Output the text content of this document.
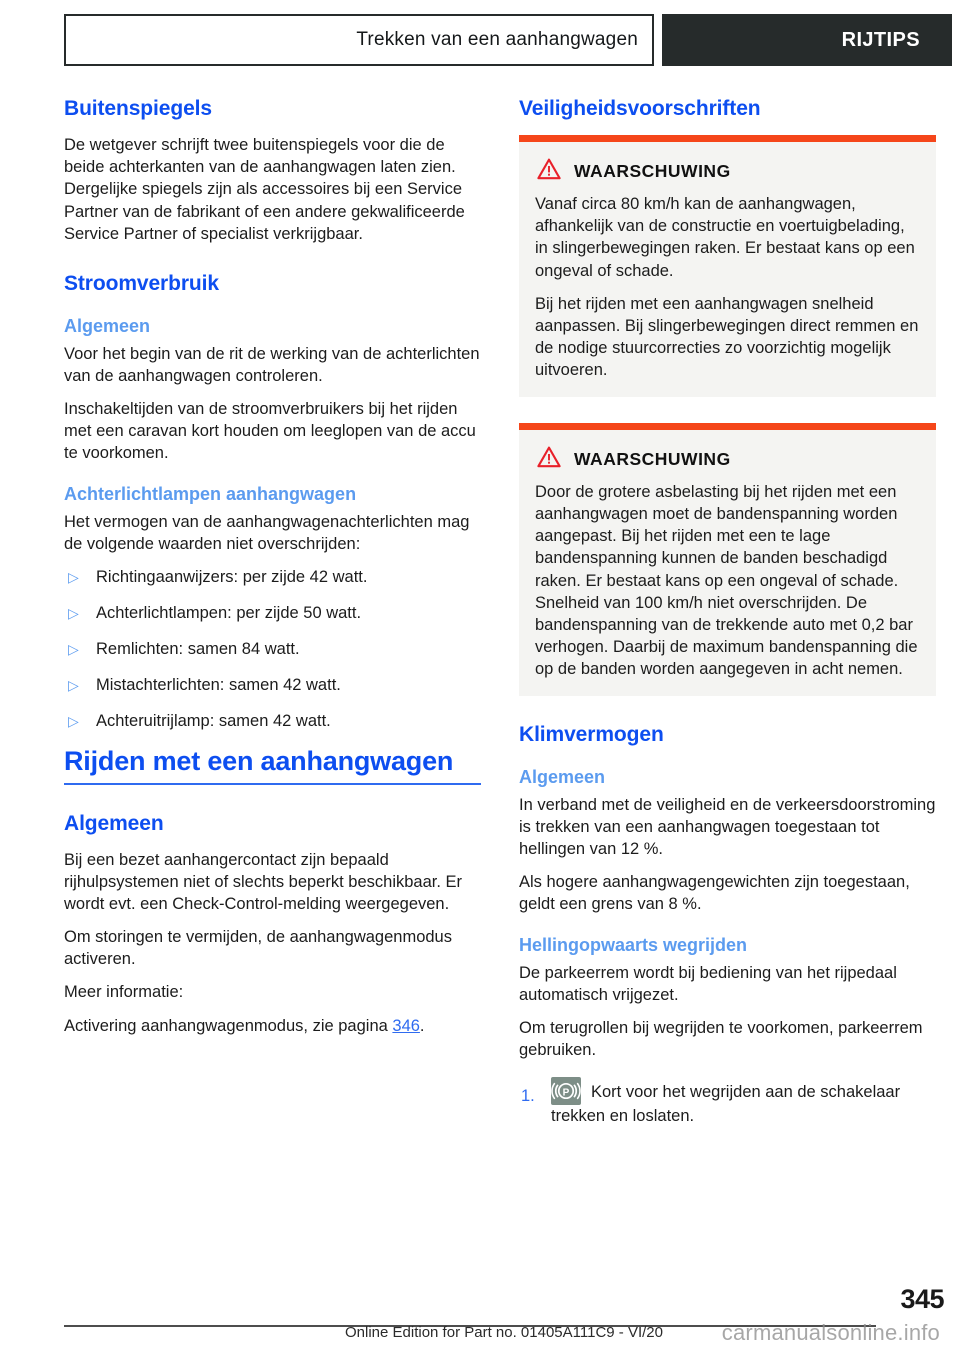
Trekken van een aanhangwagen	RIJTIPS
Buitenspiegels

De wetgever schrijft twee buitenspiegels voor die de beide achterkanten van de aanhangwagen laten zien. Dergelijke spiegels zijn als accessoires bij een Service Partner van de fabrikant of een andere gekwalificeerde Service Partner of specialist verkrijgbaar.

Stroomverbruik
Algemeen

Voor het begin van de rit de werking van de achterlichten van de aanhangwagen controleren.

Inschakeltijden van de stroomverbruikers bij het rijden met een caravan kort houden om leeglopen van de accu te voorkomen.

Achterlichtlampen aanhangwagen

Het vermogen van de aanhangwagenachterlichten mag de volgende waarden niet overschrijden:

▷ Richtingaanwijzers: per zijde 42 watt.
▷ Achterlichtlampen: per zijde 50 watt.
▷ Remlichten: samen 84 watt.
▷ Mistachterlichten: samen 42 watt.
▷ Achteruitrijlamp: samen 42 watt.
Rijden met een aanhangwagen
Algemeen

Bij een bezet aanhangercontact zijn bepaald rijhulpsystemen niet of slechts beperkt beschikbaar. Er wordt evt. een Check-Control-melding weergegeven.

Om storingen te vermijden, de aanhangwagenmodus activeren.

Meer informatie:

Activering aanhangwagenmodus, zie pagina 346.

Veiligheidsvoorschriften
WAARSCHUWING

Vanaf circa 80 km/h kan de aanhangwagen, afhankelijk van de constructie en voertuigbelading, in slingerbewegingen raken. Er bestaat kans op een ongeval of schade.

Bij het rijden met een aanhangwagen snelheid aanpassen. Bij slingerbewegingen direct remmen en de nodige stuurcorrecties zo voorzichtig mogelijk uitvoeren.

WAARSCHUWING

Door de grotere asbelasting bij het rijden met een aanhangwagen moet de bandenspanning worden aangepast. Bij het rijden met een te lage bandenspanning kunnen de banden beschadigd raken. Er bestaat kans op een ongeval of schade. Snelheid van 100 km/h niet overschrijden. De bandenspanning van de trekkende auto met 0,2 bar verhogen. Daarbij de maximum bandenspanning die op de banden worden aangegeven in acht nemen.

Klimvermogen
Algemeen

In verband met de veiligheid en de verkeersdoorstroming is trekken van een aanhangwagen toegestaan tot hellingen van 12 %.

Als hogere aanhangwagengewichten zijn toegestaan, geldt een grens van 8 %.

Hellingopwaarts wegrijden

De parkeerrem wordt bij bediening van het rijpedaal automatisch vrijgezet.

Om terugrollen bij wegrijden te voorkomen, parkeerrem gebruiken.

1.	P Kort voor het wegrijden aan de schakelaar trekken en loslaten.
345
Online Edition for Part no. 01405A111C9 - VI/20	carmanualsonline.info
